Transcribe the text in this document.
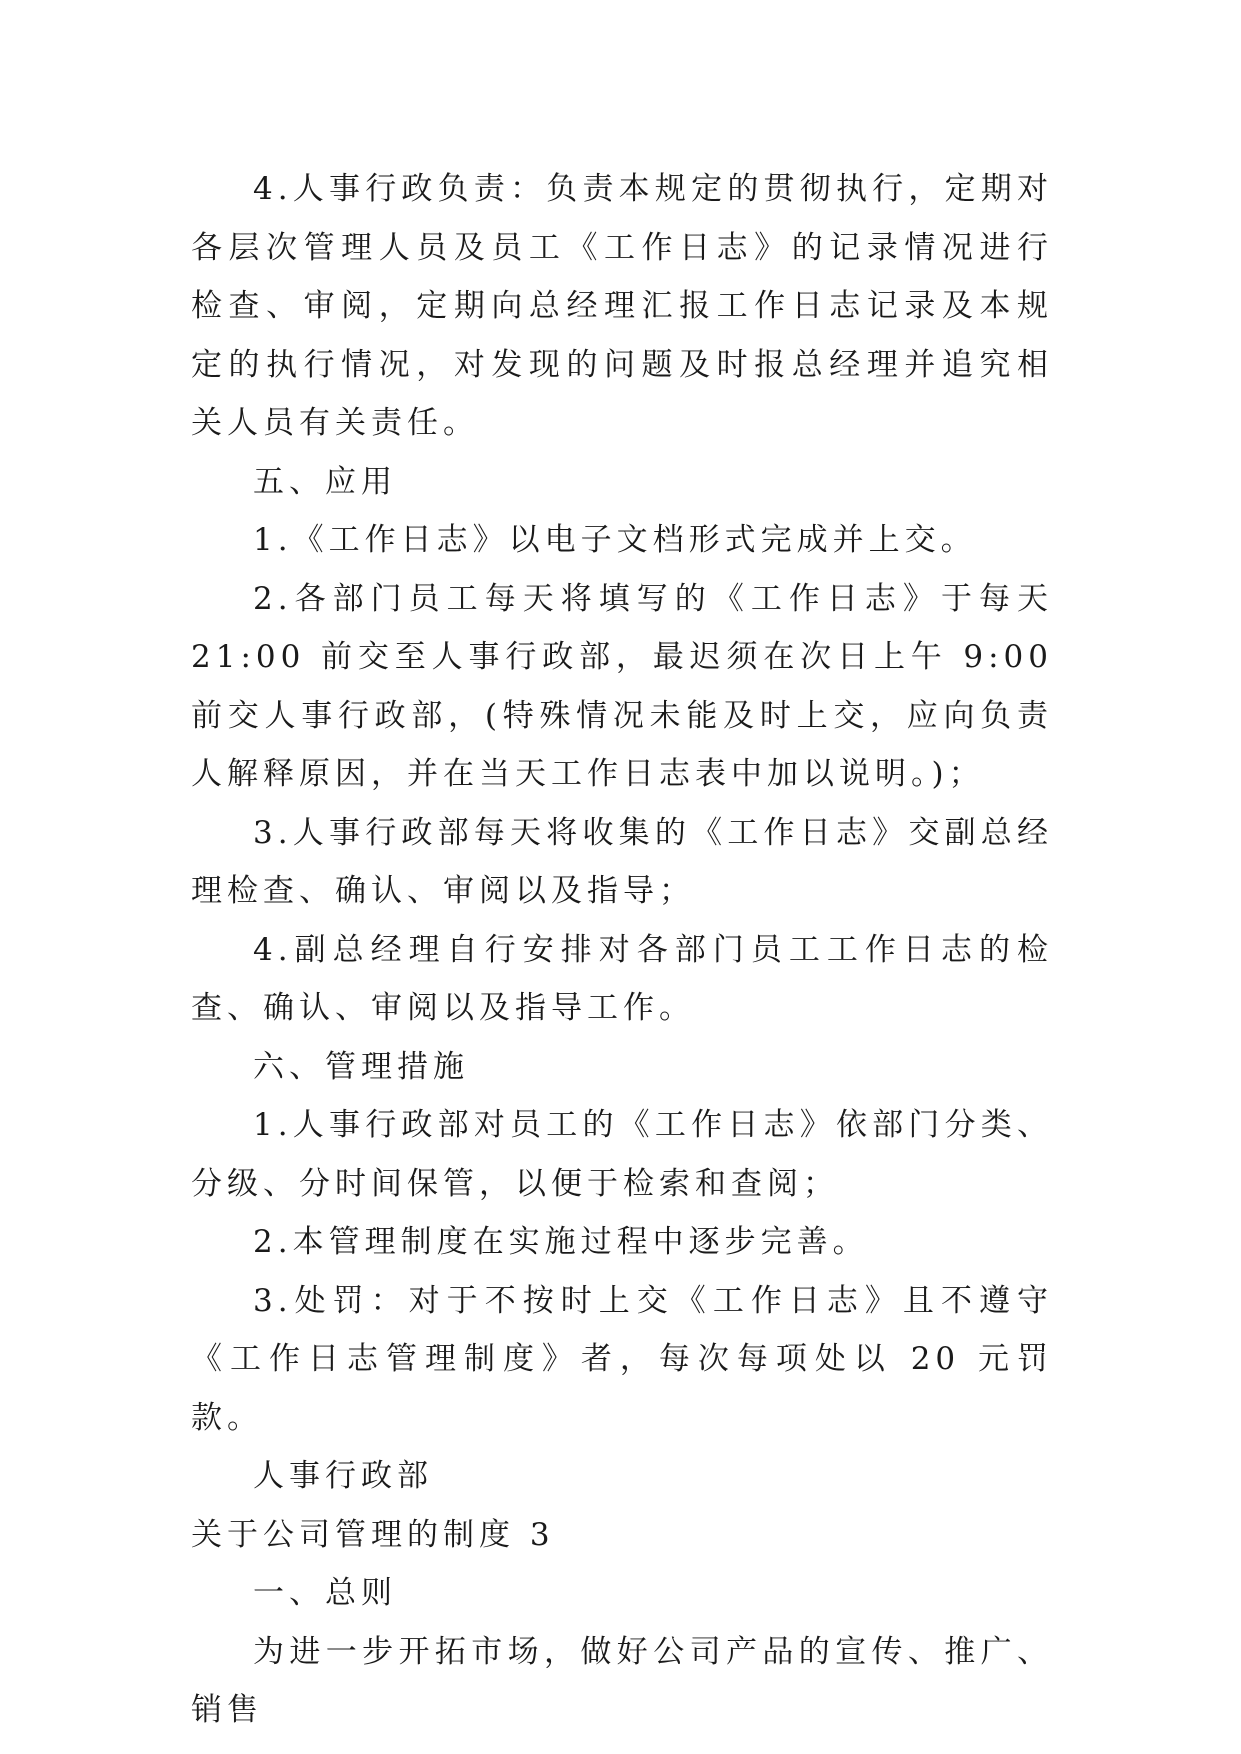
4.人事行政负责：负责本规定的贯彻执行，定期对各层次管理人员及员工《工作日志》的记录情况进行检查、审阅，定期向总经理汇报工作日志记录及本规定的执行情况，对发现的问题及时报总经理并追究相关人员有关责任。

五、应用

1.《工作日志》以电子文档形式完成并上交。

2.各部门员工每天将填写的《工作日志》于每天 21:00 前交至人事行政部，最迟须在次日上午 9:00 前交人事行政部，(特殊情况未能及时上交，应向负责人解释原因，并在当天工作日志表中加以说明。)；

3.人事行政部每天将收集的《工作日志》交副总经理检查、确认、审阅以及指导；

4.副总经理自行安排对各部门员工工作日志的检查、确认、审阅以及指导工作。

六、管理措施

1.人事行政部对员工的《工作日志》依部门分类、分级、分时间保管，以便于检索和查阅；

2.本管理制度在实施过程中逐步完善。

3.处罚：对于不按时上交《工作日志》且不遵守《工作日志管理制度》者，每次每项处以 20 元罚款。

人事行政部

关于公司管理的制度 3

一、总则

为进一步开拓市场，做好公司产品的宣传、推广、销售
